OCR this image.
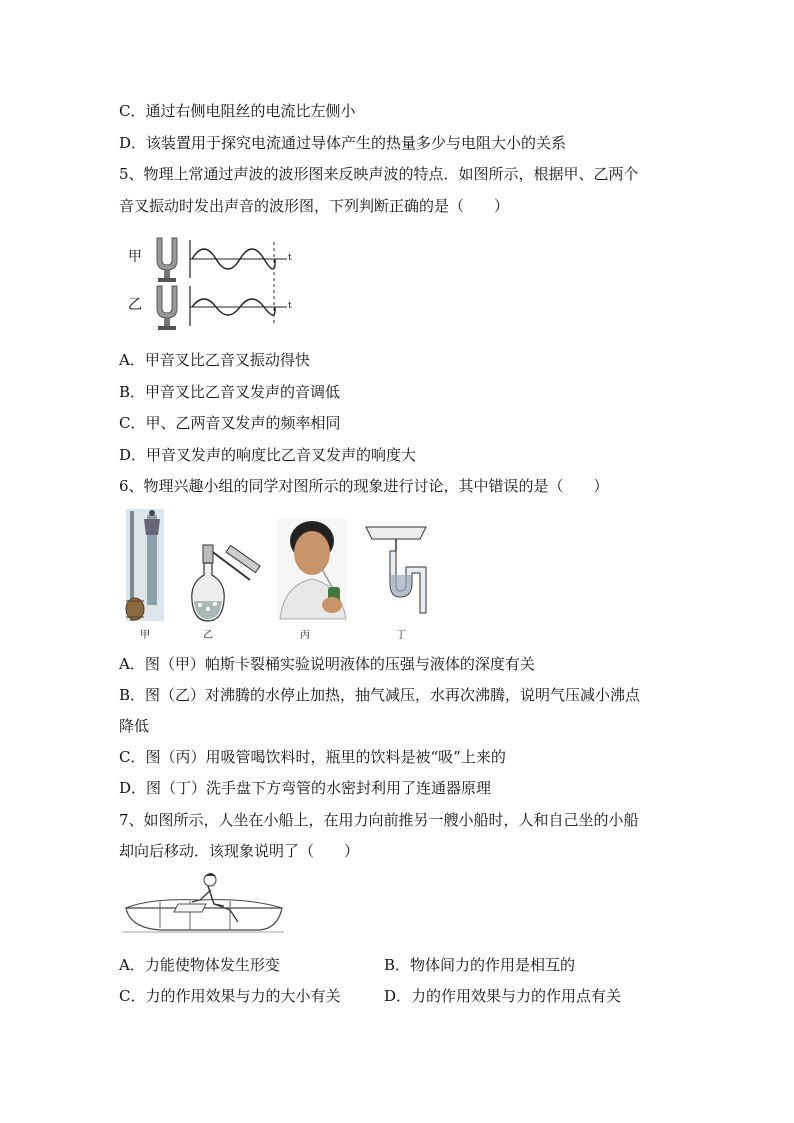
C．通过右侧电阻丝的电流比左侧小
D．该装置用于探究电流通过导体产生的热量多少与电阻大小的关系
5、物理上常通过声波的波形图来反映声波的特点．如图所示，根据甲、乙两个
音叉振动时发出声音的波形图，下列判断正确的是（　　）
甲
乙
t
t
A．甲音叉比乙音叉振动得快
B．甲音叉比乙音叉发声的音调低
C．甲、乙两音叉发声的频率相同
D．甲音叉发声的响度比乙音叉发声的响度大
6、物理兴趣小组的同学对图所示的现象进行讨论，其中错误的是（　　）
甲	乙	丙	丁
A．图（甲）帕斯卡裂桶实验说明液体的压强与液体的深度有关
B．图（乙）对沸腾的水停止加热，抽气减压，水再次沸腾，说明气压减小沸点
降低
C．图（丙）用吸管喝饮料时，瓶里的饮料是被“吸”上来的
D．图（丁）洗手盘下方弯管的水密封利用了连通器原理
7、如图所示，人坐在小船上，在用力向前推另一艘小船时，人和自己坐的小船
却向后移动．该现象说明了（　　）
A．力能使物体发生形变	B．物体间力的作用是相互的
C．力的作用效果与力的大小有关	D．力的作用效果与力的作用点有关
